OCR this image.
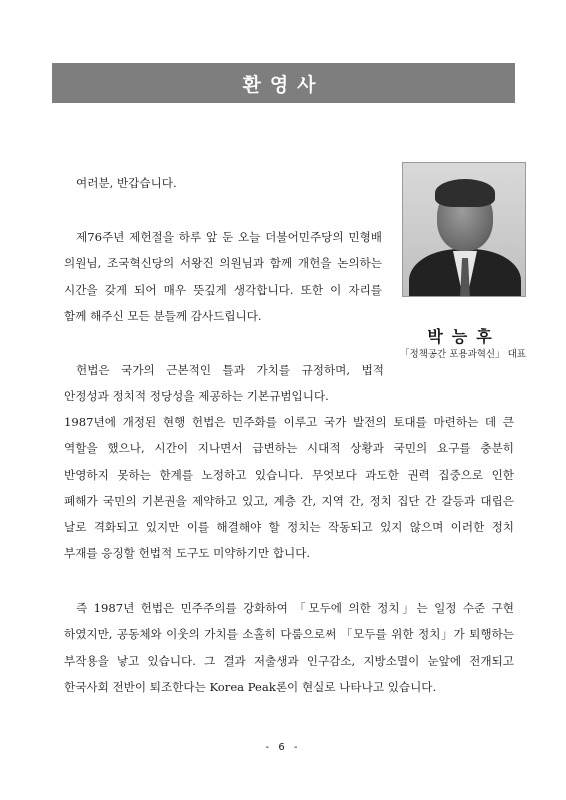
환영사
여러분, 반갑습니다.
제76주년 제헌절을 하루 앞 둔 오늘 더불어민주당의 민형배
의원님, 조국혁신당의 서왕진 의원님과 함께 개헌을 논의하는
시간을 갖게 되어 매우 뜻깊게 생각합니다. 또한 이 자리를
함께 해주신 모든 분들께 감사드립니다.
박능후
「정책공간 포용과혁신」 대표
헌법은 국가의 근본적인 틀과 가치를 규정하며, 법적
안정성과 정치적 정당성을 제공하는 기본규범입니다.
1987년에 개정된 현행 헌법은 민주화를 이루고 국가 발전의 토대를 마련하는 데 큰
역할을 했으나, 시간이 지나면서 급변하는 시대적 상황과 국민의 요구를 충분히
반영하지 못하는 한계를 노정하고 있습니다. 무엇보다 과도한 권력 집중으로 인한
폐해가 국민의 기본권을 제약하고 있고, 계층 간, 지역 간, 정치 집단 간 갈등과 대립은
날로 격화되고 있지만 이를 해결해야 할 정치는 작동되고 있지 않으며 이러한 정치
부재를 응징할 헌법적 도구도 미약하기만 합니다.
즉 1987년 헌법은 민주주의를 강화하여 「모두에 의한 정치」는 일정 수준 구현
하였지만, 공동체와 이웃의 가치를 소홀히 다룸으로써 「모두를 위한 정치」가 퇴행하는
부작용을 낳고 있습니다. 그 결과 저출생과 인구감소, 지방소멸이 눈앞에 전개되고
한국사회 전반이 퇴조한다는 Korea Peak론이 현실로 나타나고 있습니다.
- 6 -
